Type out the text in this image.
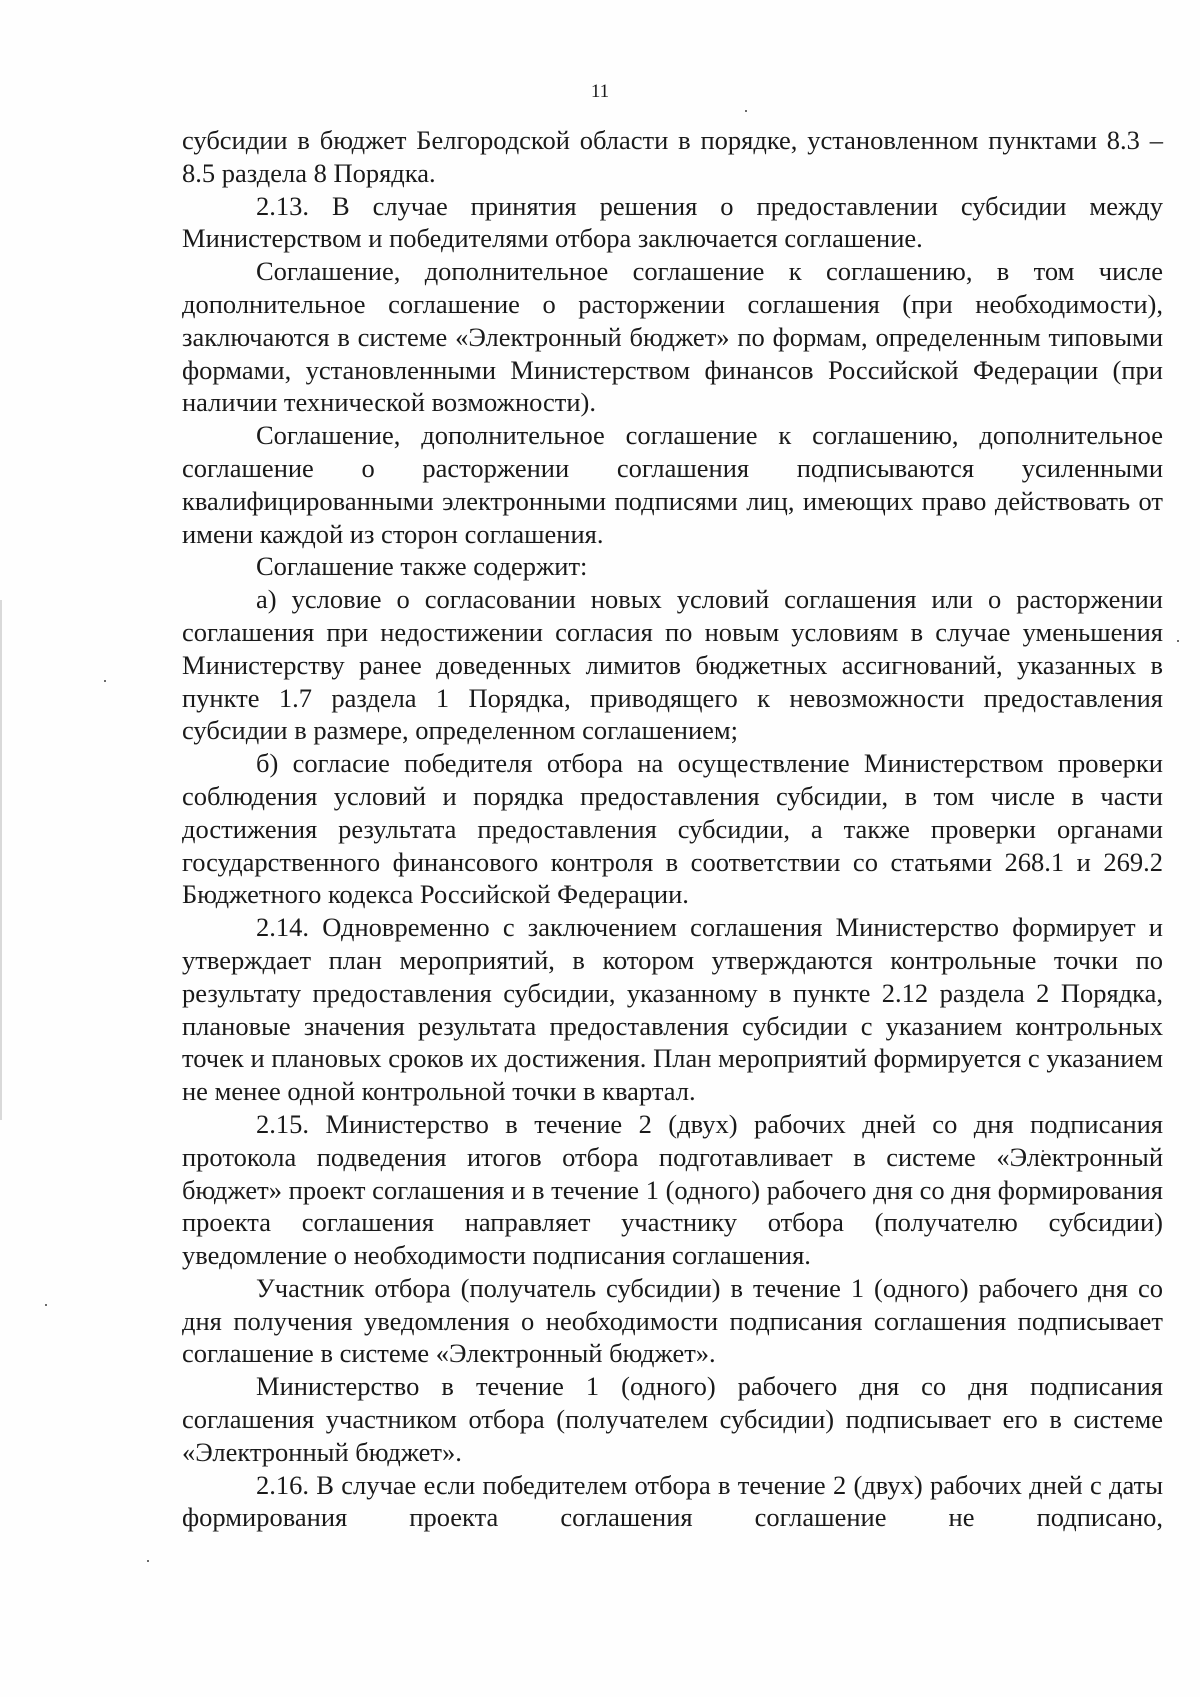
11

субсидии в бюджет Белгородской области в порядке, установленном пунктами 8.3 – 8.5 раздела 8 Порядка.

2.13. В случае принятия решения о предоставлении субсидии между Министерством и победителями отбора заключается соглашение.

Соглашение, дополнительное соглашение к соглашению, в том числе дополнительное соглашение о расторжении соглашения (при необходимости), заключаются в системе «Электронный бюджет» по формам, определенным типовыми формами, установленными Министерством финансов Российской Федерации (при наличии технической возможности).

Соглашение, дополнительное соглашение к соглашению, дополнительное соглашение о расторжении соглашения подписываются усиленными квалифицированными электронными подписями лиц, имеющих право действовать от имени каждой из сторон соглашения.

Соглашение также содержит:

а) условие о согласовании новых условий соглашения или о расторжении соглашения при недостижении согласия по новым условиям в случае уменьшения Министерству ранее доведенных лимитов бюджетных ассигнований, указанных в пункте 1.7 раздела 1 Порядка, приводящего к невозможности предоставления субсидии в размере, определенном соглашением;

б) согласие победителя отбора на осуществление Министерством проверки соблюдения условий и порядка предоставления субсидии, в том числе в части достижения результата предоставления субсидии, а также проверки органами государственного финансового контроля в соответствии со статьями 268.1 и 269.2 Бюджетного кодекса Российской Федерации.

2.14. Одновременно с заключением соглашения Министерство формирует и утверждает план мероприятий, в котором утверждаются контрольные точки по результату предоставления субсидии, указанному в пункте 2.12 раздела 2 Порядка, плановые значения результата предоставления субсидии с указанием контрольных точек и плановых сроков их достижения. План мероприятий формируется с указанием не менее одной контрольной точки в квартал.

2.15. Министерство в течение 2 (двух) рабочих дней со дня подписания протокола подведения итогов отбора подготавливает в системе «Электронный бюджет» проект соглашения и в течение 1 (одного) рабочего дня со дня формирования проекта соглашения направляет участнику отбора (получателю субсидии) уведомление о необходимости подписания соглашения.

Участник отбора (получатель субсидии) в течение 1 (одного) рабочего дня со дня получения уведомления о необходимости подписания соглашения подписывает соглашение в системе «Электронный бюджет».

Министерство в течение 1 (одного) рабочего дня со дня подписания соглашения участником отбора (получателем субсидии) подписывает его в системе «Электронный бюджет».

2.16. В случае если победителем отбора в течение 2 (двух) рабочих дней с даты формирования проекта соглашения соглашение не подписано,
